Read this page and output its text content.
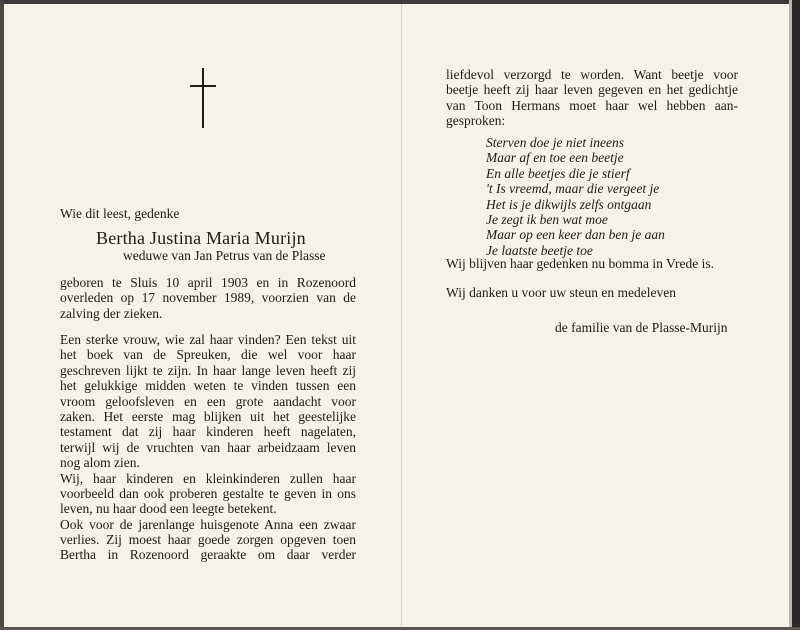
Wie dit leest, gedenke
Bertha Justina Maria Murijn
weduwe van Jan Petrus van de Plasse
geboren te Sluis 10 april 1903 en in Rozenoord
overleden op 17 november 1989, voorzien van de
zalving der zieken.
Een sterke vrouw, wie zal haar vinden? Een tekst uit
het boek van de Spreuken, die wel voor haar
geschreven lijkt te zijn. In haar lange leven heeft zij
het gelukkige midden weten te vinden tussen een
vroom geloofsleven en een grote aandacht voor
zaken. Het eerste mag blijken uit het geestelijke
testament dat zij haar kinderen heeft nagelaten,
terwijl wij de vruchten van haar arbeidzaam leven
nog alom zien.
Wij, haar kinderen en kleinkinderen zullen haar
voorbeeld dan ook proberen gestalte te geven in ons
leven, nu haar dood een leegte betekent.
Ook voor de jarenlange huisgenote Anna een zwaar
verlies. Zij moest haar goede zorgen opgeven toen
Bertha in Rozenoord geraakte om daar verder
liefdevol verzorgd te worden. Want beetje voor
beetje heeft zij haar leven gegeven en het gedichtje
van Toon Hermans moet haar wel hebben aan-
gesproken:
Sterven doe je niet ineens
Maar af en toe een beetje
En alle beetjes die je stierf
't Is vreemd, maar die vergeet je
Het is je dikwijls zelfs ontgaan
Je zegt ik ben wat moe
Maar op een keer dan ben je aan
Je laatste beetje toe
Wij blijven haar gedenken nu bomma in Vrede is.
Wij danken u voor uw steun en medeleven
de familie van de Plasse-Murijn
